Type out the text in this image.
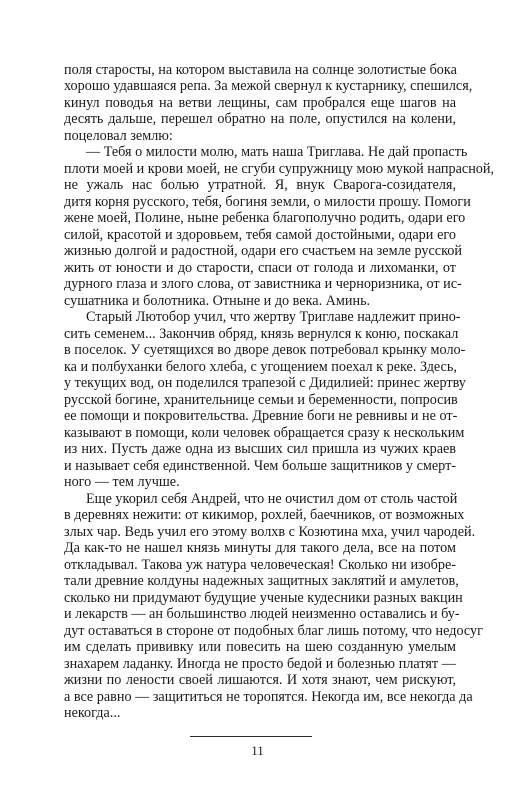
поля старосты, на котором выставила на солнце золотистые бока
хорошо удавшаяся репа. За межой свернул к кустарнику, спешился,
кинул поводья на ветви лещины, сам пробрался еще шагов на
десять дальше, перешел обратно на поле, опустился на колени,
поцеловал землю:
— Тебя о милости молю, мать наша Триглава. Не дай пропасть
плоти моей и крови моей, не сгуби супружницу мою мукой напрасной,
не ужаль нас болью утратной. Я, внук Сварога-созидателя,
дитя корня русского, тебя, богиня земли, о милости прошу. Помоги
жене моей, Полине, ныне ребенка благополучно родить, одари его
силой, красотой и здоровьем, тебя самой достойными, одари его
жизнью долгой и радостной, одари его счастьем на земле русской
жить от юности и до старости, спаси от голода и лихоманки, от
дурного глаза и злого слова, от завистника и черноризника, от ис-
сушатника и болотника. Отныне и до века. Аминь.
Старый Лютобор учил, что жертву Триглаве надлежит прино-
сить семенем... Закончив обряд, князь вернулся к коню, поскакал
в поселок. У суетящихся во дворе девок потребовал крынку моло-
ка и полбуханки белого хлеба, с угощением поехал к реке. Здесь,
у текущих вод, он поделился трапезой с Дидилией: принес жертву
русской богине, хранительнице семьи и беременности, попросив
ее помощи и покровительства. Древние боги не ревнивы и не от-
казывают в помощи, коли человек обращается сразу к нескольким
из них. Пусть даже одна из высших сил пришла из чужих краев
и называет себя единственной. Чем больше защитников у смерт-
ного — тем лучше.
Еще укорил себя Андрей, что не очистил дом от столь частой
в деревнях нежити: от кикимор, рохлей, баечников, от возможных
злых чар. Ведь учил его этому волхв с Козютина мха, учил чародей.
Да как-то не нашел князь минуты для такого дела, все на потом
откладывал. Такова уж натура человеческая! Сколько ни изобре-
тали древние колдуны надежных защитных заклятий и амулетов,
сколько ни придумают будущие ученые кудесники разных вакцин
и лекарств — ан большинство людей неизменно оставались и бу-
дут оставаться в стороне от подобных благ лишь потому, что недосуг
им сделать прививку или повесить на шею созданную умелым
знахарем ладанку. Иногда не просто бедой и болезнью платят —
жизни по лености своей лишаются. И хотя знают, чем рискуют,
а все равно — защититься не торопятся. Некогда им, все некогда да
некогда...
11
